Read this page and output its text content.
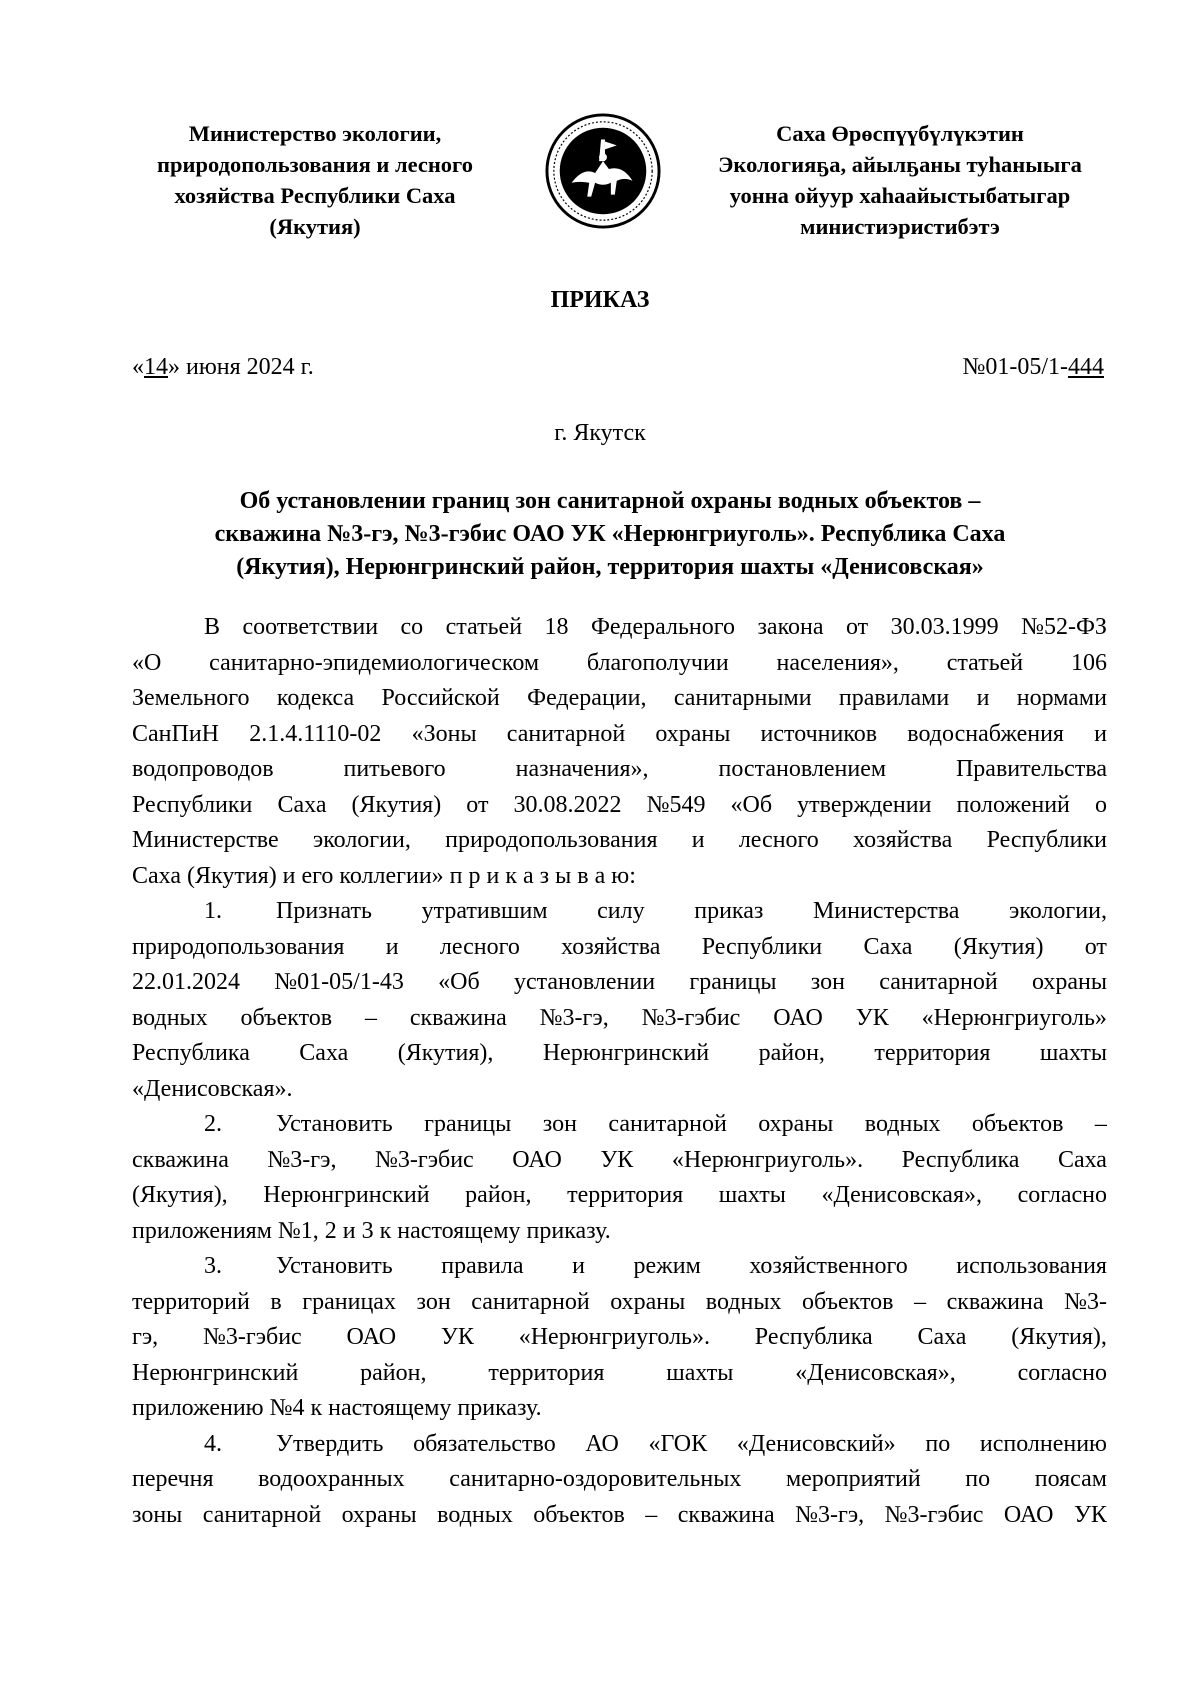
Министерство экологии,
природопользования и лесного
хозяйства Республики Саха
(Якутия)
Саха Өрөспүүбүлүкэтин
Экологияҕа, айылҕаны туһаныыга
уонна ойуур хаһаайыстыбатыгар
министиэристибэтэ
ПРИКАЗ
«14» июня 2024 г.	№01-05/1-444
г. Якутск
Об установлении границ зон санитарной охраны водных объектов –
скважина №3-гэ, №3-гэбис ОАО УК «Нерюнгриуголь». Республика Саха
(Якутия), Нерюнгринский район, территория шахты «Денисовская»
В соответствии со статьей 18 Федерального закона от 30.03.1999 №52-ФЗ
«О санитарно-эпидемиологическом благополучии населения», статьей 106
Земельного кодекса Российской Федерации, санитарными правилами и нормами
СанПиН 2.1.4.1110-02 «Зоны санитарной охраны источников водоснабжения и
водопроводов	питьевого	назначения»,	постановлением	Правительства
Республики Саха (Якутия) от 30.08.2022 №549 «Об утверждении положений о
Министерстве экологии, природопользования и лесного хозяйства Республики
Саха (Якутия) и его коллегии» п р и к а з ы в а ю:
1.	Признать утратившим силу приказ Министерства экологии,
природопользования и лесного хозяйства Республики Саха (Якутия) от
22.01.2024 №01-05/1-43 «Об установлении границы зон санитарной охраны
водных объектов – скважина №3-гэ, №3-гэбис ОАО УК «Нерюнгриуголь»
Республика Саха (Якутия), Нерюнгринский район, территория шахты
«Денисовская».
2.	Установить границы зон санитарной охраны водных объектов –
скважина №3-гэ, №3-гэбис ОАО УК «Нерюнгриуголь». Республика Саха
(Якутия), Нерюнгринский район, территория шахты «Денисовская», согласно
приложениям №1, 2 и 3 к настоящему приказу.
3.	Установить правила и режим хозяйственного использования
территорий в границах зон санитарной охраны водных объектов – скважина №3-
гэ, №3-гэбис ОАО УК «Нерюнгриуголь». Республика Саха (Якутия),
Нерюнгринский	район,	территория	шахты	«Денисовская»,	согласно
приложению №4 к настоящему приказу.
4.	Утвердить обязательство АО «ГОК «Денисовский» по исполнению
перечня водоохранных санитарно-оздоровительных мероприятий по поясам
зоны санитарной охраны водных объектов – скважина №3-гэ, №3-гэбис ОАО УК
